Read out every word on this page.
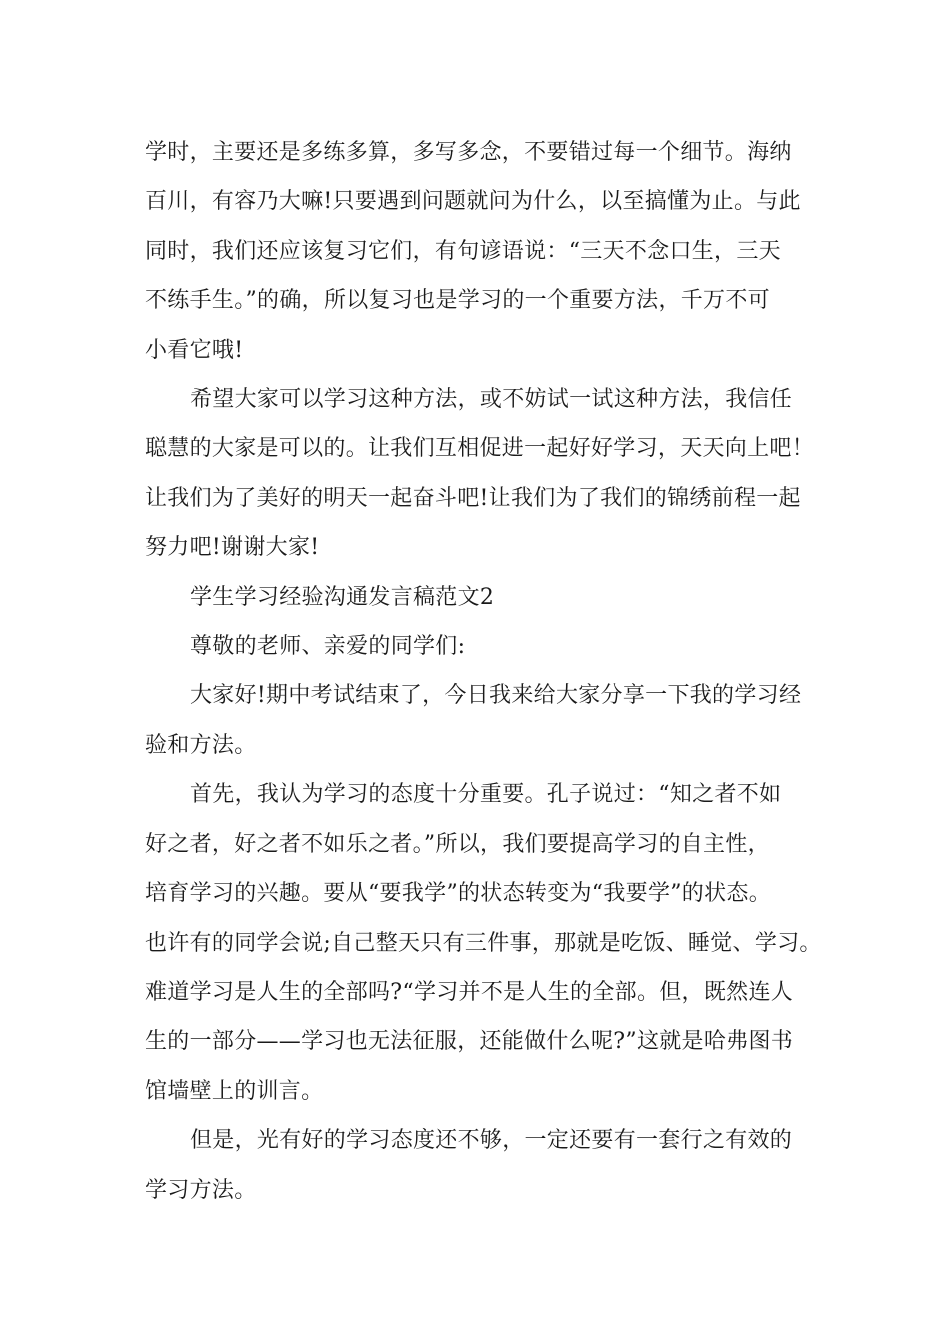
学时，主要还是多练多算，多写多念，不要错过每一个细节。海纳
百川，有容乃大嘛!只要遇到问题就问为什么，以至搞懂为止。与此
同时，我们还应该复习它们，有句谚语说：“三天不念口生，三天
不练手生。”的确，所以复习也是学习的一个重要方法，千万不可
小看它哦!
希望大家可以学习这种方法，或不妨试一试这种方法，我信任
聪慧的大家是可以的。让我们互相促进一起好好学习，天天向上吧！
让我们为了美好的明天一起奋斗吧!让我们为了我们的锦绣前程一起
努力吧!谢谢大家!
学生学习经验沟通发言稿范文2
尊敬的老师、亲爱的同学们:
大家好!期中考试结束了，今日我来给大家分享一下我的学习经
验和方法。
首先，我认为学习的态度十分重要。孔子说过：“知之者不如
好之者，好之者不如乐之者。”所以，我们要提高学习的自主性，
培育学习的兴趣。要从“要我学”的状态转变为“我要学”的状态。
也许有的同学会说;自己整天只有三件事，那就是吃饭、睡觉、学习。
难道学习是人生的全部吗?“学习并不是人生的全部。但，既然连人
生的一部分——学习也无法征服，还能做什么呢?”这就是哈弗图书
馆墙壁上的训言。
但是，光有好的学习态度还不够，一定还要有一套行之有效的
学习方法。
